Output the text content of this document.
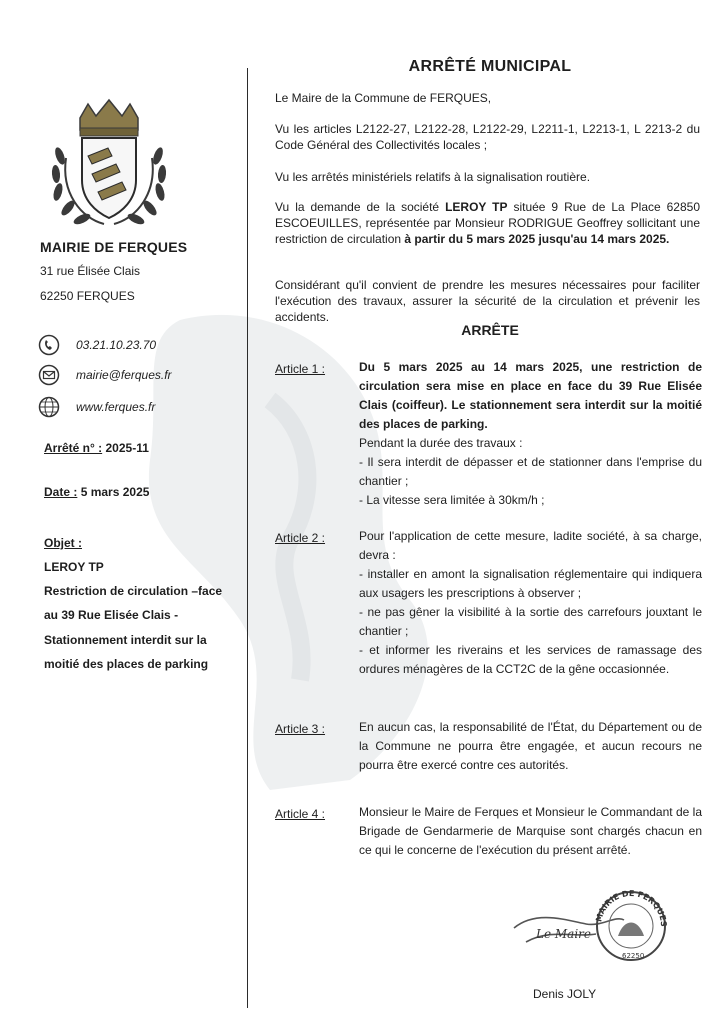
MAIRIE DE FERQUES
31 rue Élisée Clais
62250 FERQUES
03.21.10.23.70
mairie@ferques.fr
www.ferques.fr
Arrêté n° : 2025-11
Date : 5 mars 2025
Objet :
LEROY TP
Restriction de circulation –face
au 39 Rue Elisée Clais -
Stationnement interdit sur la
moitié des places de parking
ARRÊTÉ MUNICIPAL
Le Maire de la Commune de FERQUES,
Vu les articles L2122-27, L2122-28, L2122-29, L2211-1, L2213-1, L 2213-2 du Code Général des Collectivités locales ;
Vu les arrêtés ministériels relatifs à la signalisation routière.
Vu la demande de la société LEROY TP située 9 Rue de La Place 62850 ESCOEUILLES, représentée par Monsieur RODRIGUE Geoffrey sollicitant une restriction de circulation à partir du 5 mars 2025 jusqu'au 14 mars 2025.
Considérant qu'il convient de prendre les mesures nécessaires pour faciliter l'exécution des travaux, assurer la sécurité de la circulation et prévenir les accidents.
ARRÊTE
Article 1 :	Du 5 mars 2025 au 14 mars 2025, une restriction de circulation sera mise en place en face du 39 Rue Elisée Clais (coiffeur). Le stationnement sera interdit sur la moitié des places de parking.
Pendant la durée des travaux :
- Il sera interdit de dépasser et de stationner dans l'emprise du chantier ;
- La vitesse sera limitée à 30km/h ;
Article 2 :	Pour l'application de cette mesure, ladite société, à sa charge, devra :
- installer en amont la signalisation réglementaire qui indiquera aux usagers les prescriptions à observer ;
- ne pas gêner la visibilité à la sortie des carrefours jouxtant le chantier ;
- et informer les riverains et les services de ramassage des ordures ménagères de la CCT2C de la gêne occasionnée.
Article 3 :	En aucun cas, la responsabilité de l'État, du Département ou de la Commune ne pourra être engagée, et aucun recours ne pourra être exercé contre ces autorités.
Article 4 :	Monsieur le Maire de Ferques et Monsieur le Commandant de la Brigade de Gendarmerie de Marquise sont chargés chacun en ce qui le concerne de l'exécution du présent arrêté.
Le Maire
MAIRIE DE FERQUES
62250
Denis JOLY
